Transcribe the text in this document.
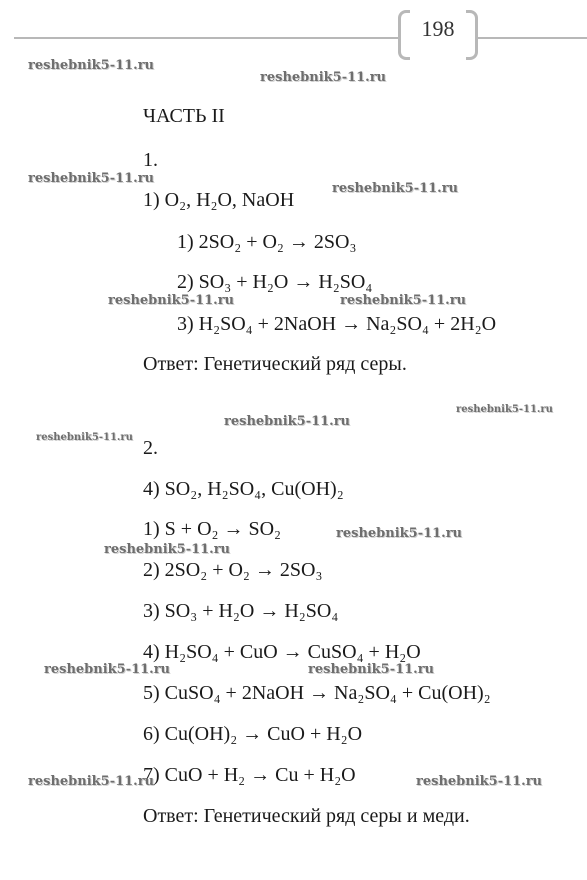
198
ЧАСТЬ II
1.
1) O₂, H₂O, NaOH
1) 2SO₂ + O₂ → 2SO₃
2) SO₃ + H₂O → H₂SO₄
3) H₂SO₄ + 2NaOH → Na₂SO₄ + 2H₂O
Ответ: Генетический ряд серы.
2.
4) SO₂, H₂SO₄, Cu(OH)₂
1) S + O₂ → SO₂
2) 2SO₂ + O₂ → 2SO₃
3) SO₃ + H₂O → H₂SO₄
4) H₂SO₄ + CuO → CuSO₄ + H₂O
5) CuSO₄ + 2NaOH → Na₂SO₄ + Cu(OH)₂
6) Cu(OH)₂ → CuO + H₂O
7) CuO + H₂ → Cu + H₂O
Ответ: Генетический ряд серы и меди.
reshebnik5-11.ru
reshebnik5-11.ru
reshebnik5-11.ru
reshebnik5-11.ru
reshebnik5-11.ru	reshebnik5-11.ru
reshebnik5-11.ru
reshebnik5-11.ru
reshebnik5-11.ru
reshebnik5-11.ru
reshebnik5-11.ru
reshebnik5-11.ru	reshebnik5-11.ru
reshebnik5-11.ru	reshebnik5-11.ru
